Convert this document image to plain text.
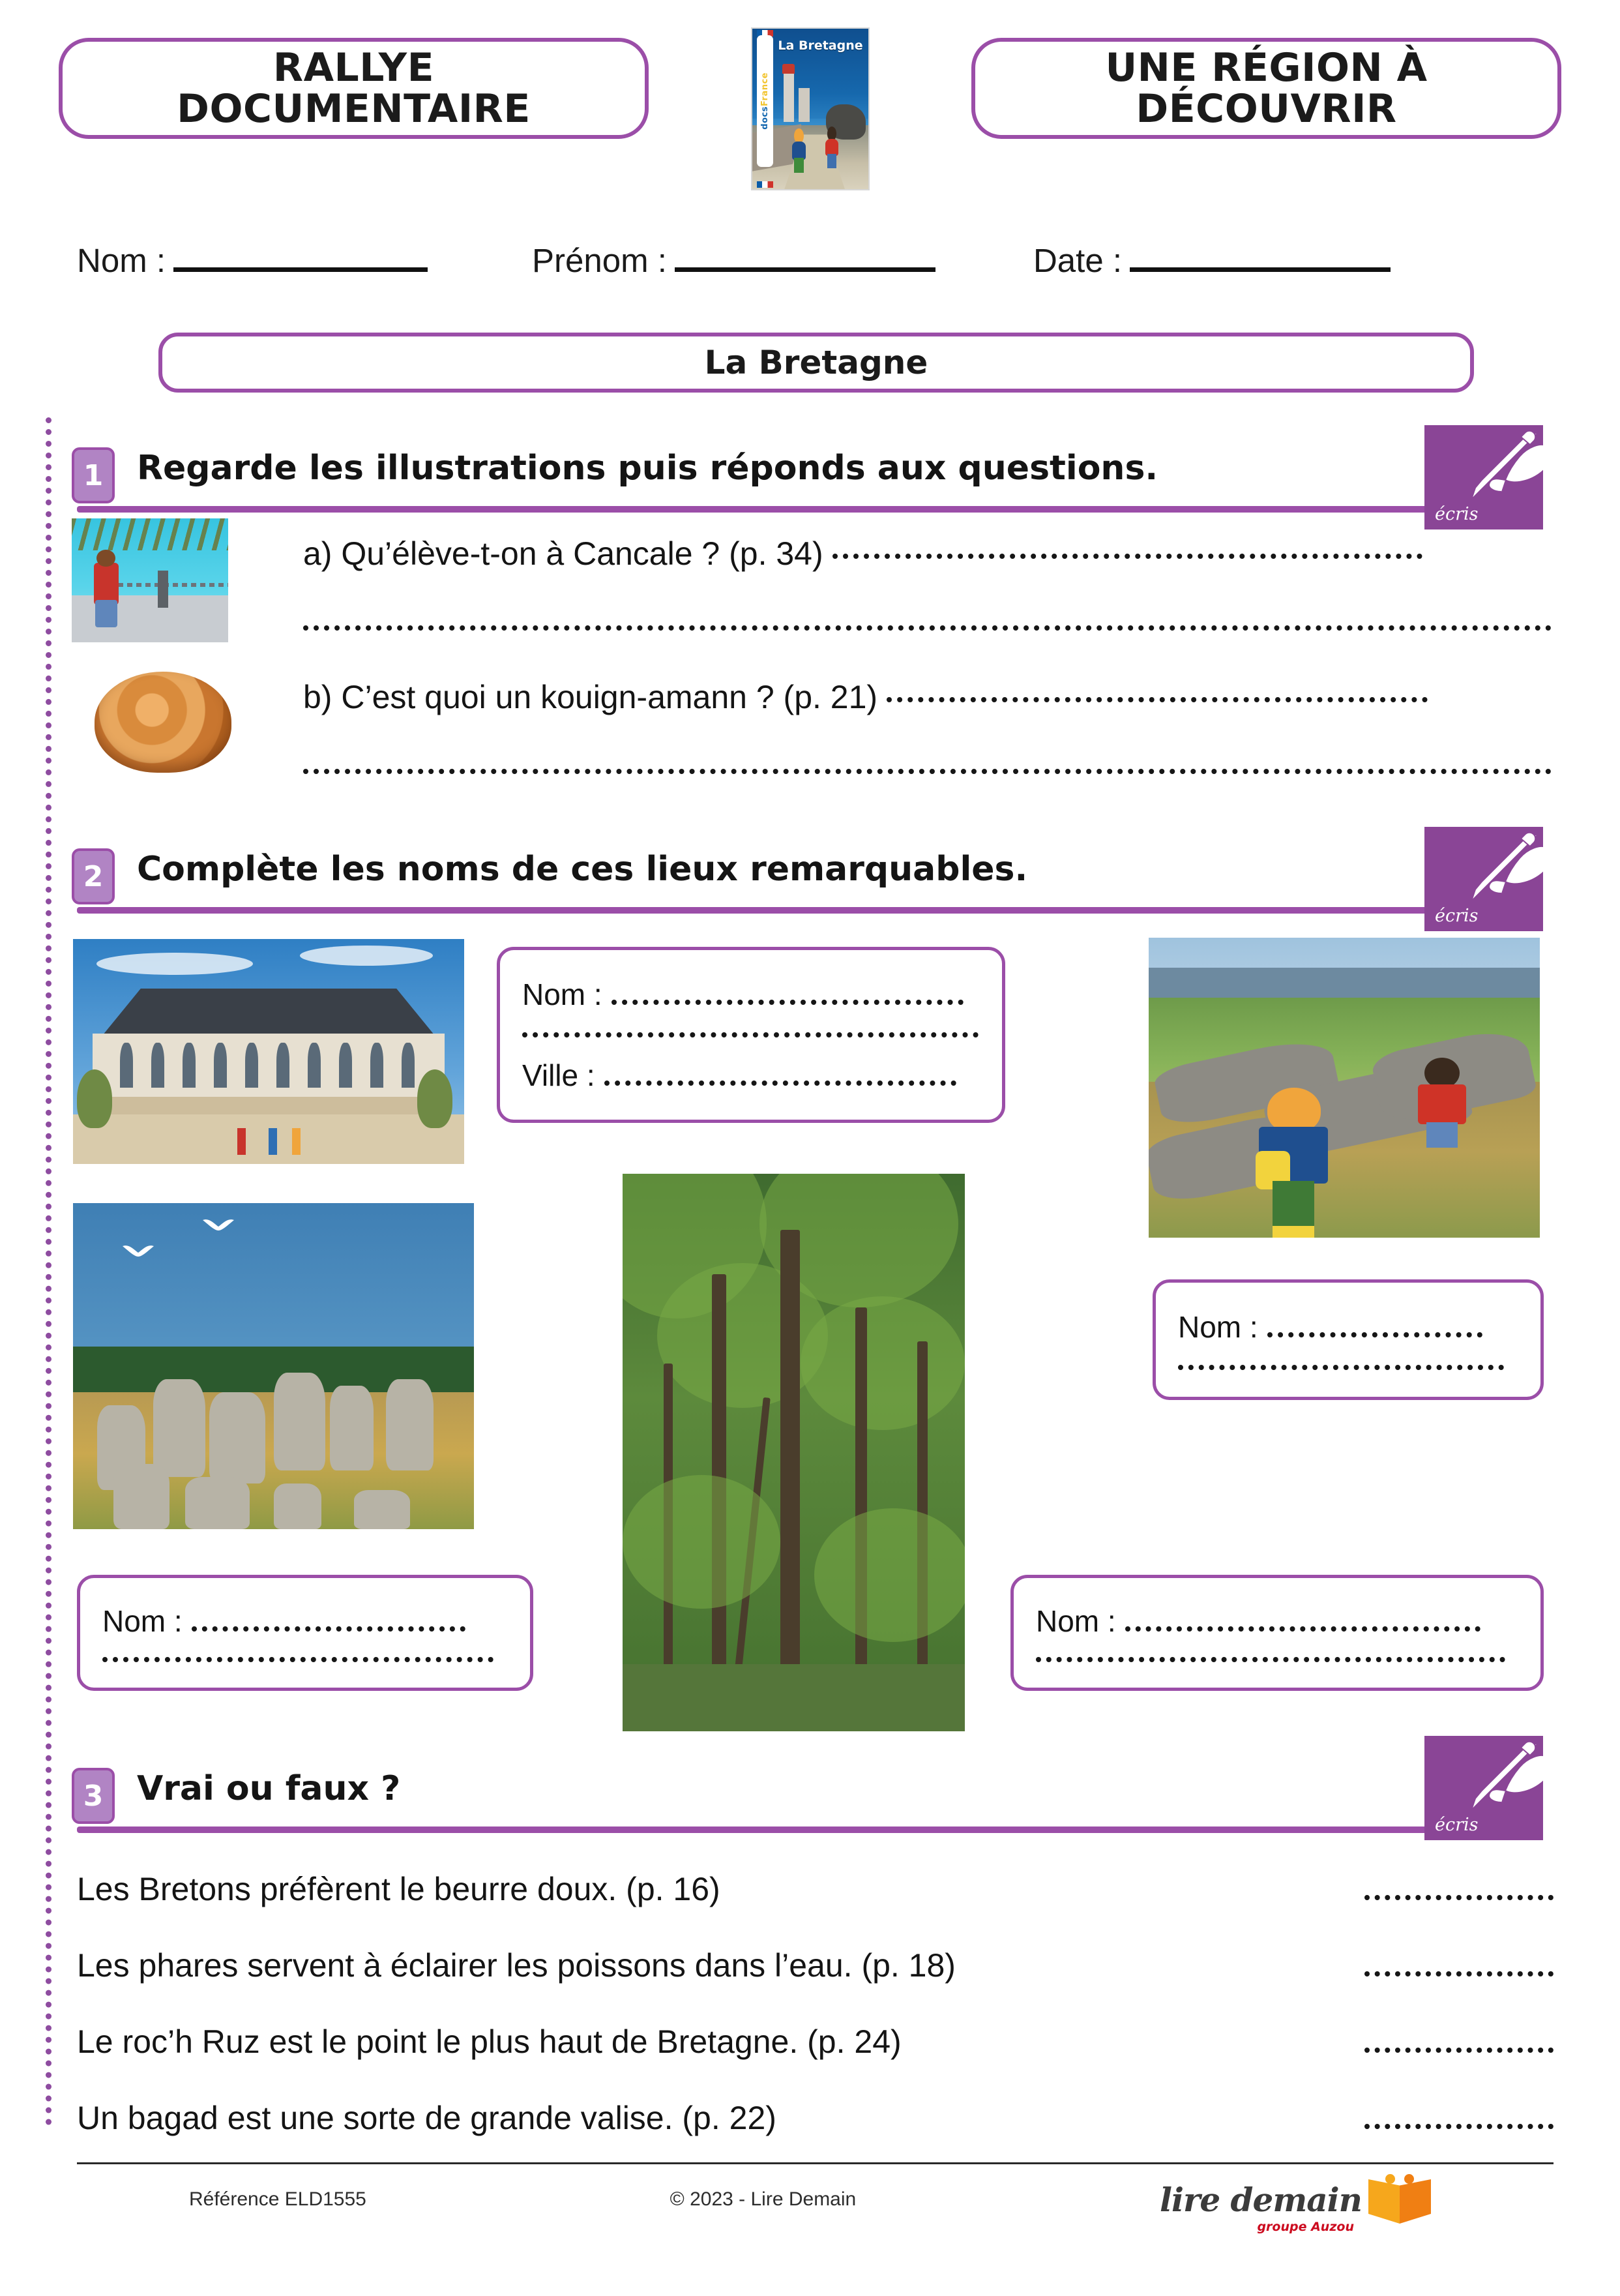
RALLYE DOCUMENTAIRE
La Bretagne
docsFrance	UNE RÉGION À DÉCOUVRIR
Nom :	Prénom :	Date :
La Bretagne
1 Regarde les illustrations puis réponds aux questions.
écris
a) Qu’élève-t-on à Cancale ? (p. 34)
b) C’est quoi un kouign-amann ? (p. 21)
2 Complète les noms de ces lieux remarquables.
écris
Nom :
Ville :
Nom :
Nom :	Nom :
3 Vrai ou faux ?
écris
Les Bretons préfèrent le beurre doux. (p. 16)
Les phares servent à éclairer les poissons dans l’eau. (p. 18)
Le roc’h Ruz est le point le plus haut de Bretagne. (p. 24)
Un bagad est une sorte de grande valise. (p. 22)
Référence ELD1555	© 2023 - Lire Demain	lire demain
groupe Auzou
